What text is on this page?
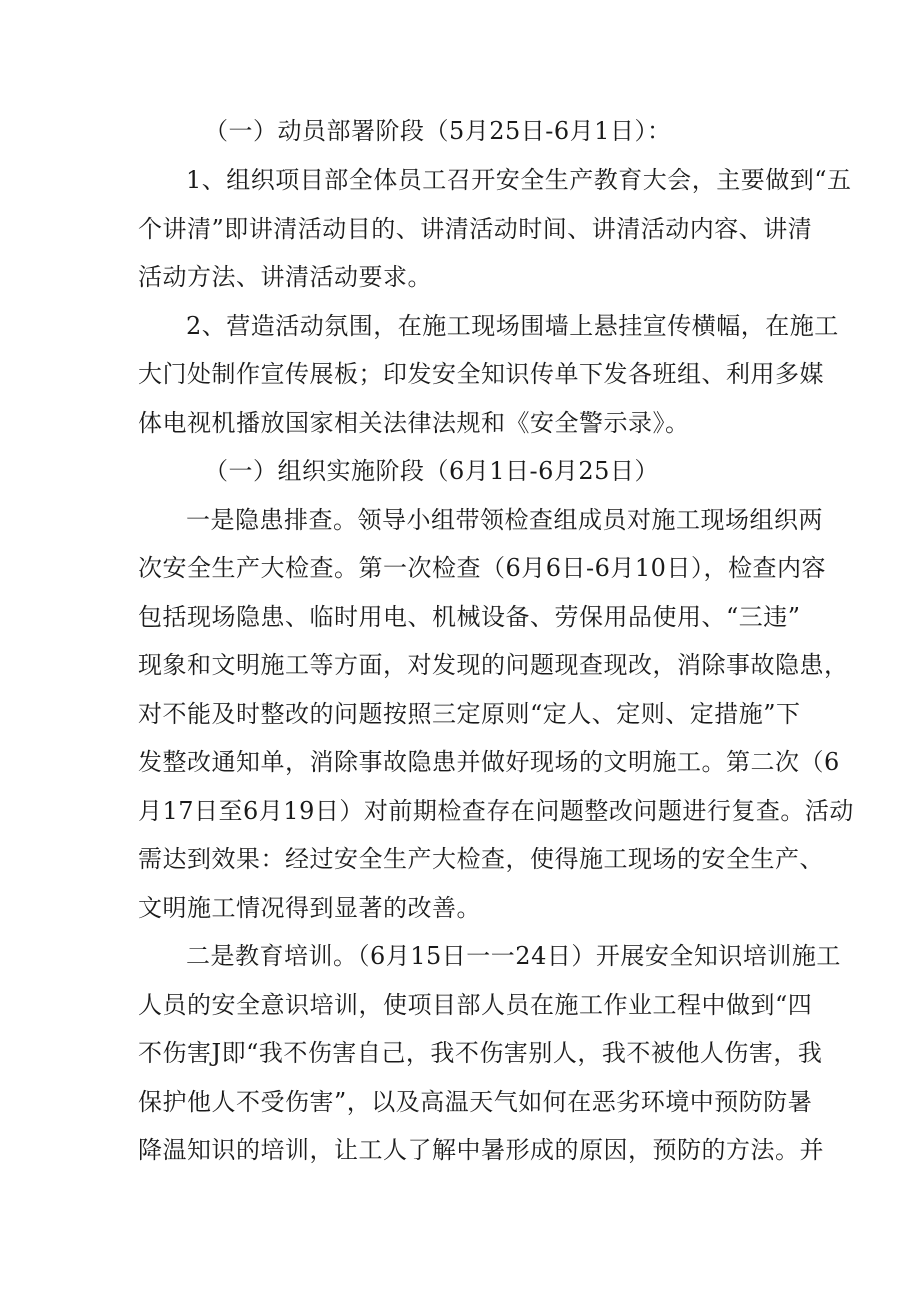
（一）动员部署阶段（5月25日-6月1日）：
1、组织项目部全体员工召开安全生产教育大会，主要做到“五
个讲清”即讲清活动目的、讲清活动时间、讲清活动内容、讲清
活动方法、讲清活动要求。
2、营造活动氛围，在施工现场围墙上悬挂宣传横幅，在施工
大门处制作宣传展板；印发安全知识传单下发各班组、利用多媒
体电视机播放国家相关法律法规和《安全警示录》。
（一）组织实施阶段（6月1日-6月25日）
一是隐患排查。领导小组带领检查组成员对施工现场组织两
次安全生产大检查。第一次检查（6月6日-6月10日），检查内容
包括现场隐患、临时用电、机械设备、劳保用品使用、“三违”
现象和文明施工等方面，对发现的问题现查现改，消除事故隐患，
对不能及时整改的问题按照三定原则“定人、定则、定措施”下
发整改通知单，消除事故隐患并做好现场的文明施工。第二次（6
月17日至6月19日）对前期检查存在问题整改问题进行复查。活动
需达到效果：经过安全生产大检查，使得施工现场的安全生产、
文明施工情况得到显著的改善。
二是教育培训。（6月15日一一24日）开展安全知识培训施工
人员的安全意识培训，使项目部人员在施工作业工程中做到“四
不伤害J即“我不伤害自己，我不伤害别人，我不被他人伤害，我
保护他人不受伤害”，以及高温天气如何在恶劣环境中预防防暑
降温知识的培训，让工人了解中暑形成的原因，预防的方法。并
